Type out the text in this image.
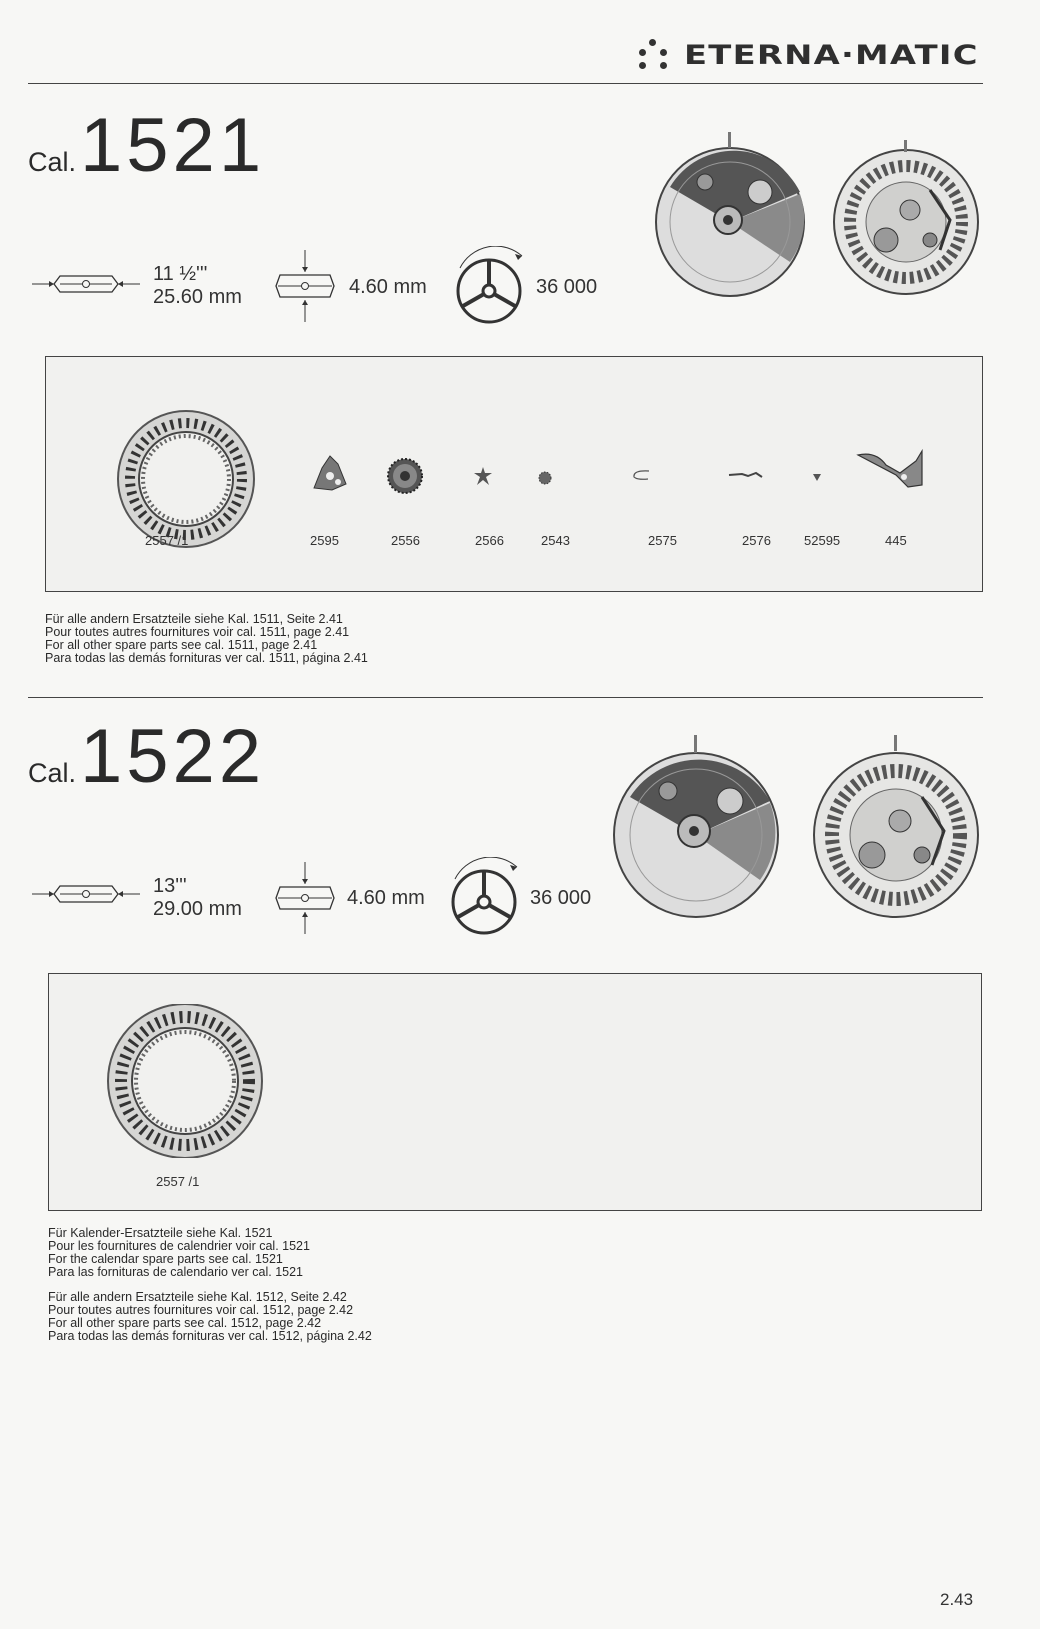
ETERNA·MATIC
Cal. 1521
11 ½'''
25.60 mm	4.60 mm	36 000
2557 /1	2595	2556	2566	2543	2575	2576	52595	445
Für alle andern Ersatzteile siehe Kal. 1511, Seite 2.41
Pour toutes autres fournitures voir cal. 1511, page 2.41
For all other spare parts see cal. 1511, page 2.41
Para todas las demás fornituras ver cal. 1511, página 2.41
Cal. 1522
13'''
29.00 mm	4.60 mm	36 000
2557 /1
Für Kalender-Ersatzteile siehe Kal. 1521
Pour les fournitures de calendrier voir cal. 1521
For the calendar spare parts see cal. 1521
Para las fornituras de calendario ver cal. 1521
Für alle andern Ersatzteile siehe Kal. 1512, Seite 2.42
Pour toutes autres fournitures voir cal. 1512, page 2.42
For all other spare parts see cal. 1512, page 2.42
Para todas las demás fornituras ver cal. 1512, página 2.42
2.43
